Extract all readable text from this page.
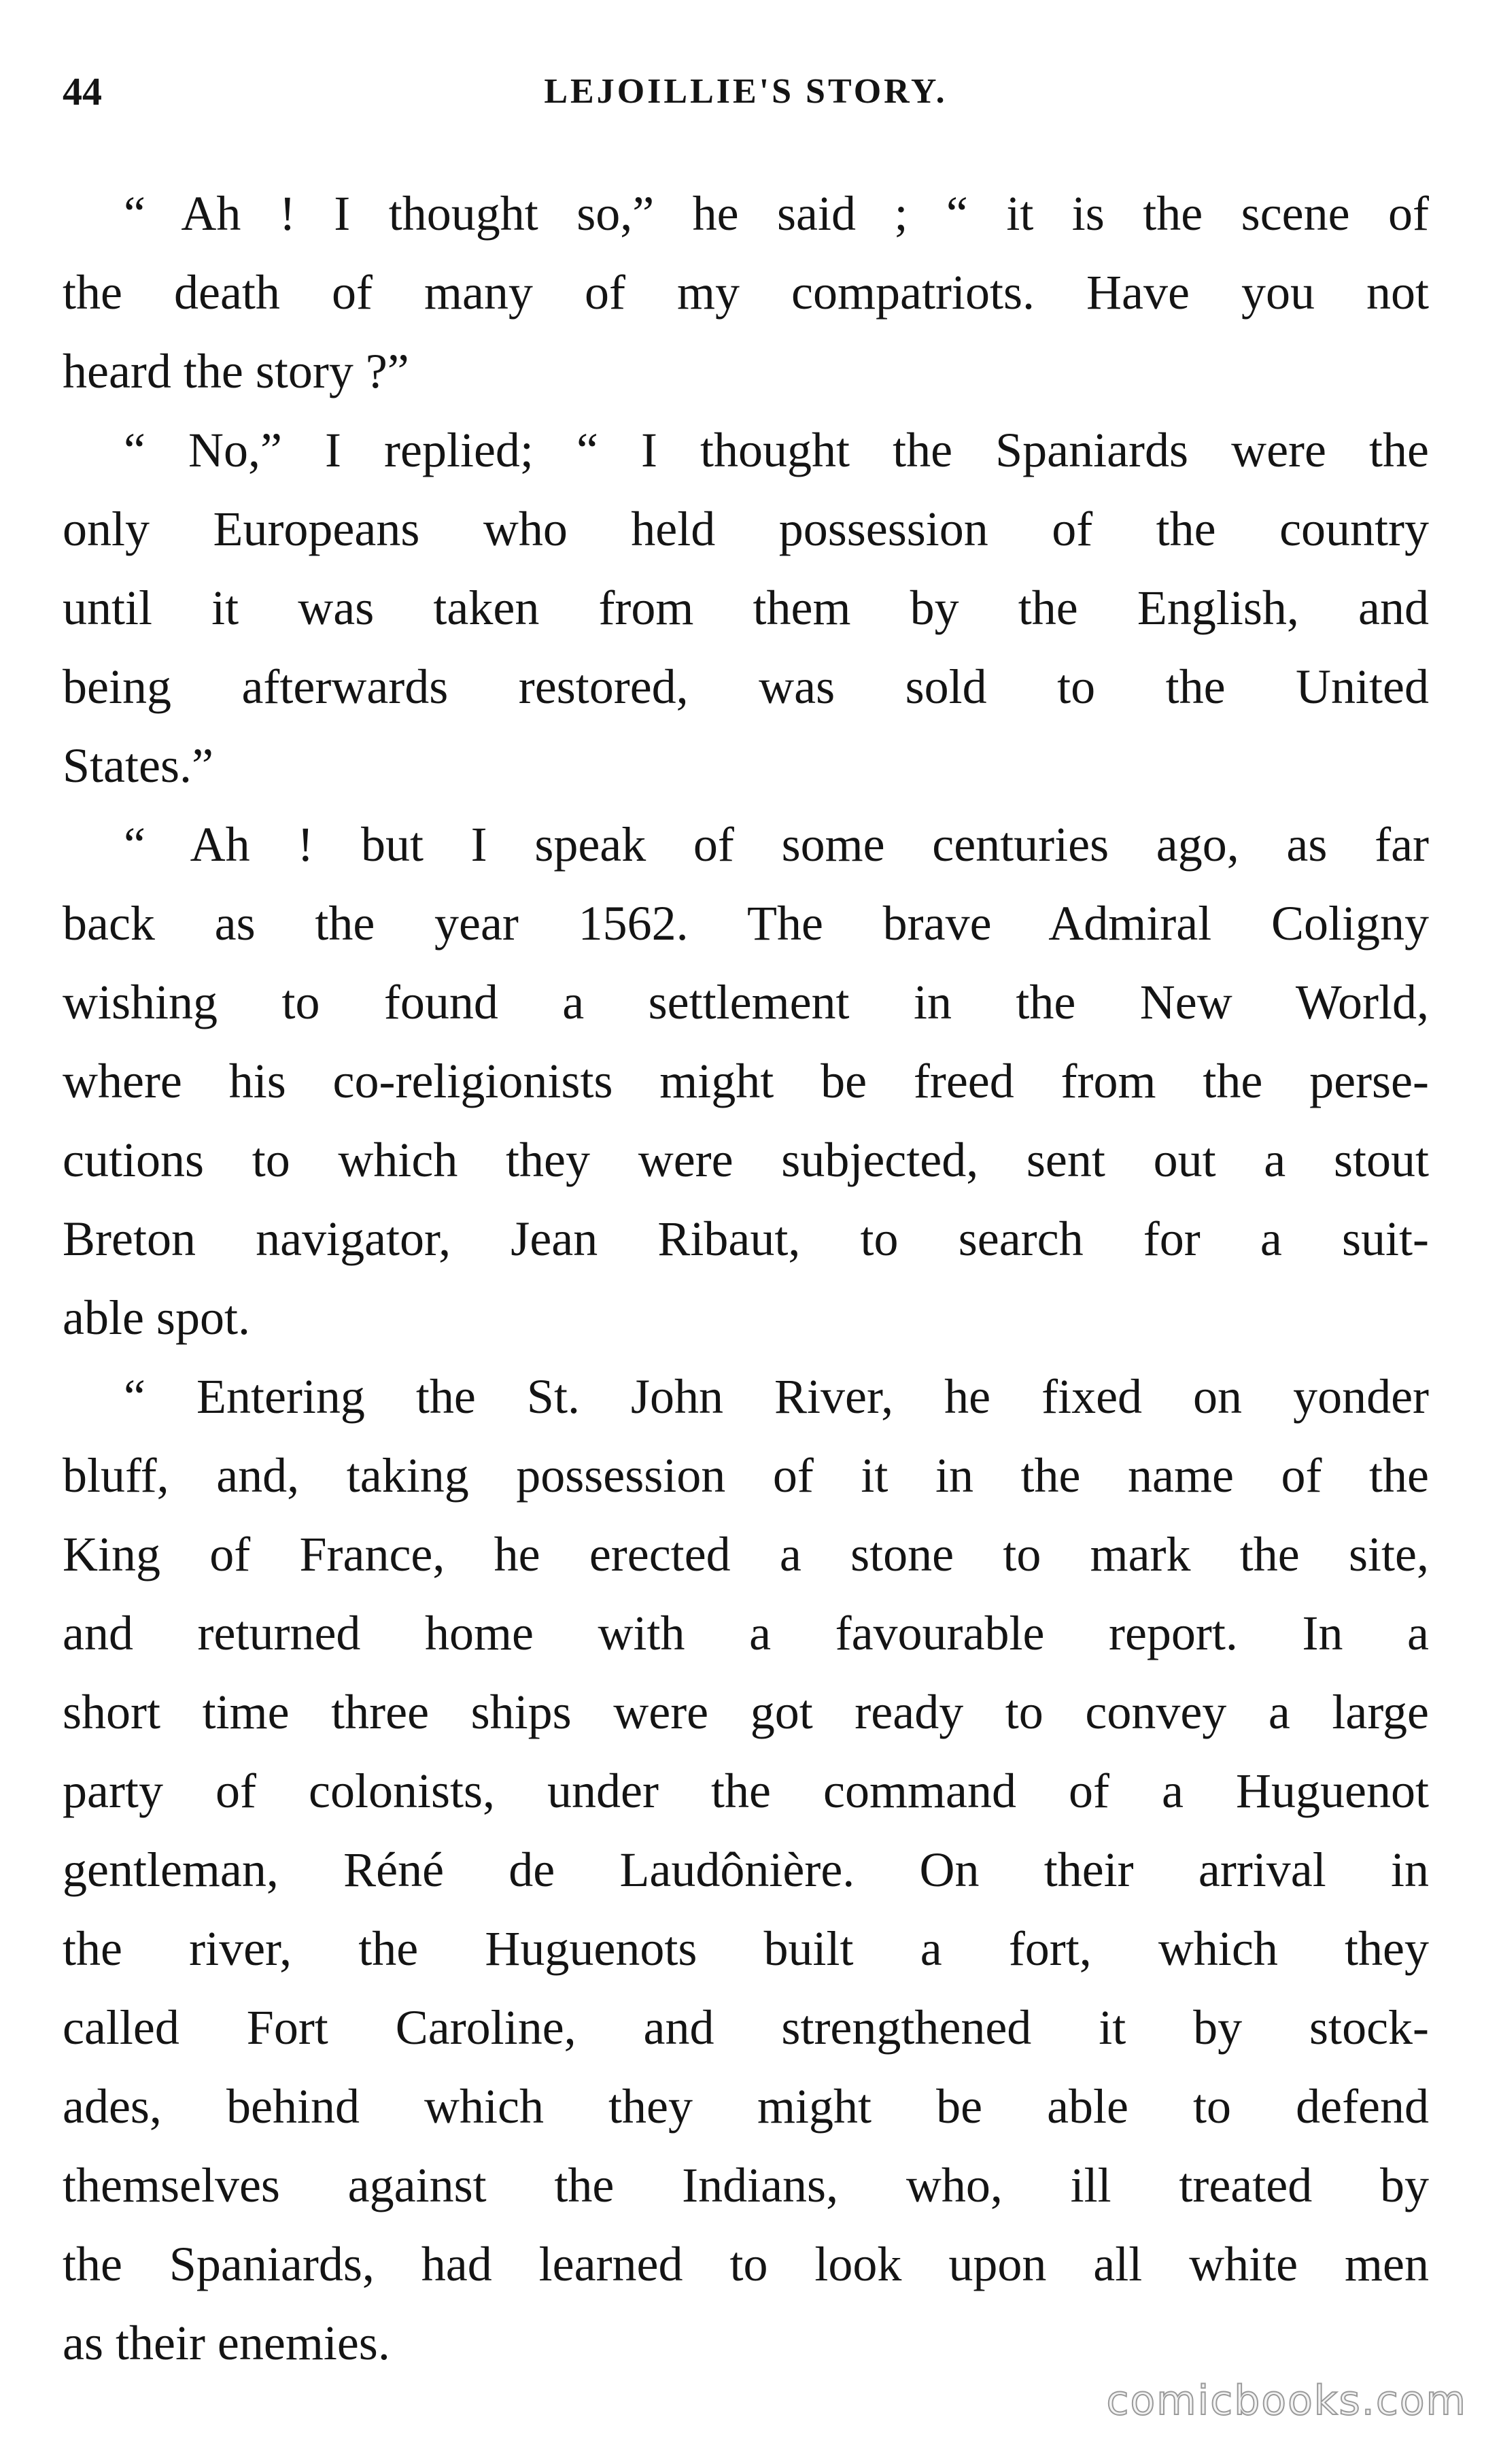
44	LEJOILLIE'S STORY.
“ Ah ! I thought so,” he said ; “ it is the scene of
the death of many of my compatriots. Have you not
heard the story ?”
“ No,” I replied; “ I thought the Spaniards were the
only Europeans who held possession of the country
until it was taken from them by the English, and
being afterwards restored, was sold to the United
States.”
“ Ah ! but I speak of some centuries ago, as far
back as the year 1562. The brave Admiral Coligny
wishing to found a settlement in the New World,
where his co-religionists might be freed from the perse-
cutions to which they were subjected, sent out a stout
Breton navigator, Jean Ribaut, to search for a suit-
able spot.
“ Entering the St. John River, he fixed on yonder
bluff, and, taking possession of it in the name of the
King of France, he erected a stone to mark the site,
and returned home with a favourable report. In a
short time three ships were got ready to convey a large
party of colonists, under the command of a Huguenot
gentleman, Réné de Laudônière. On their arrival in
the river, the Huguenots built a fort, which they
called Fort Caroline, and strengthened it by stock-
ades, behind which they might be able to defend
themselves against the Indians, who, ill treated by
the Spaniards, had learned to look upon all white men
as their enemies.
comicbooks.com
